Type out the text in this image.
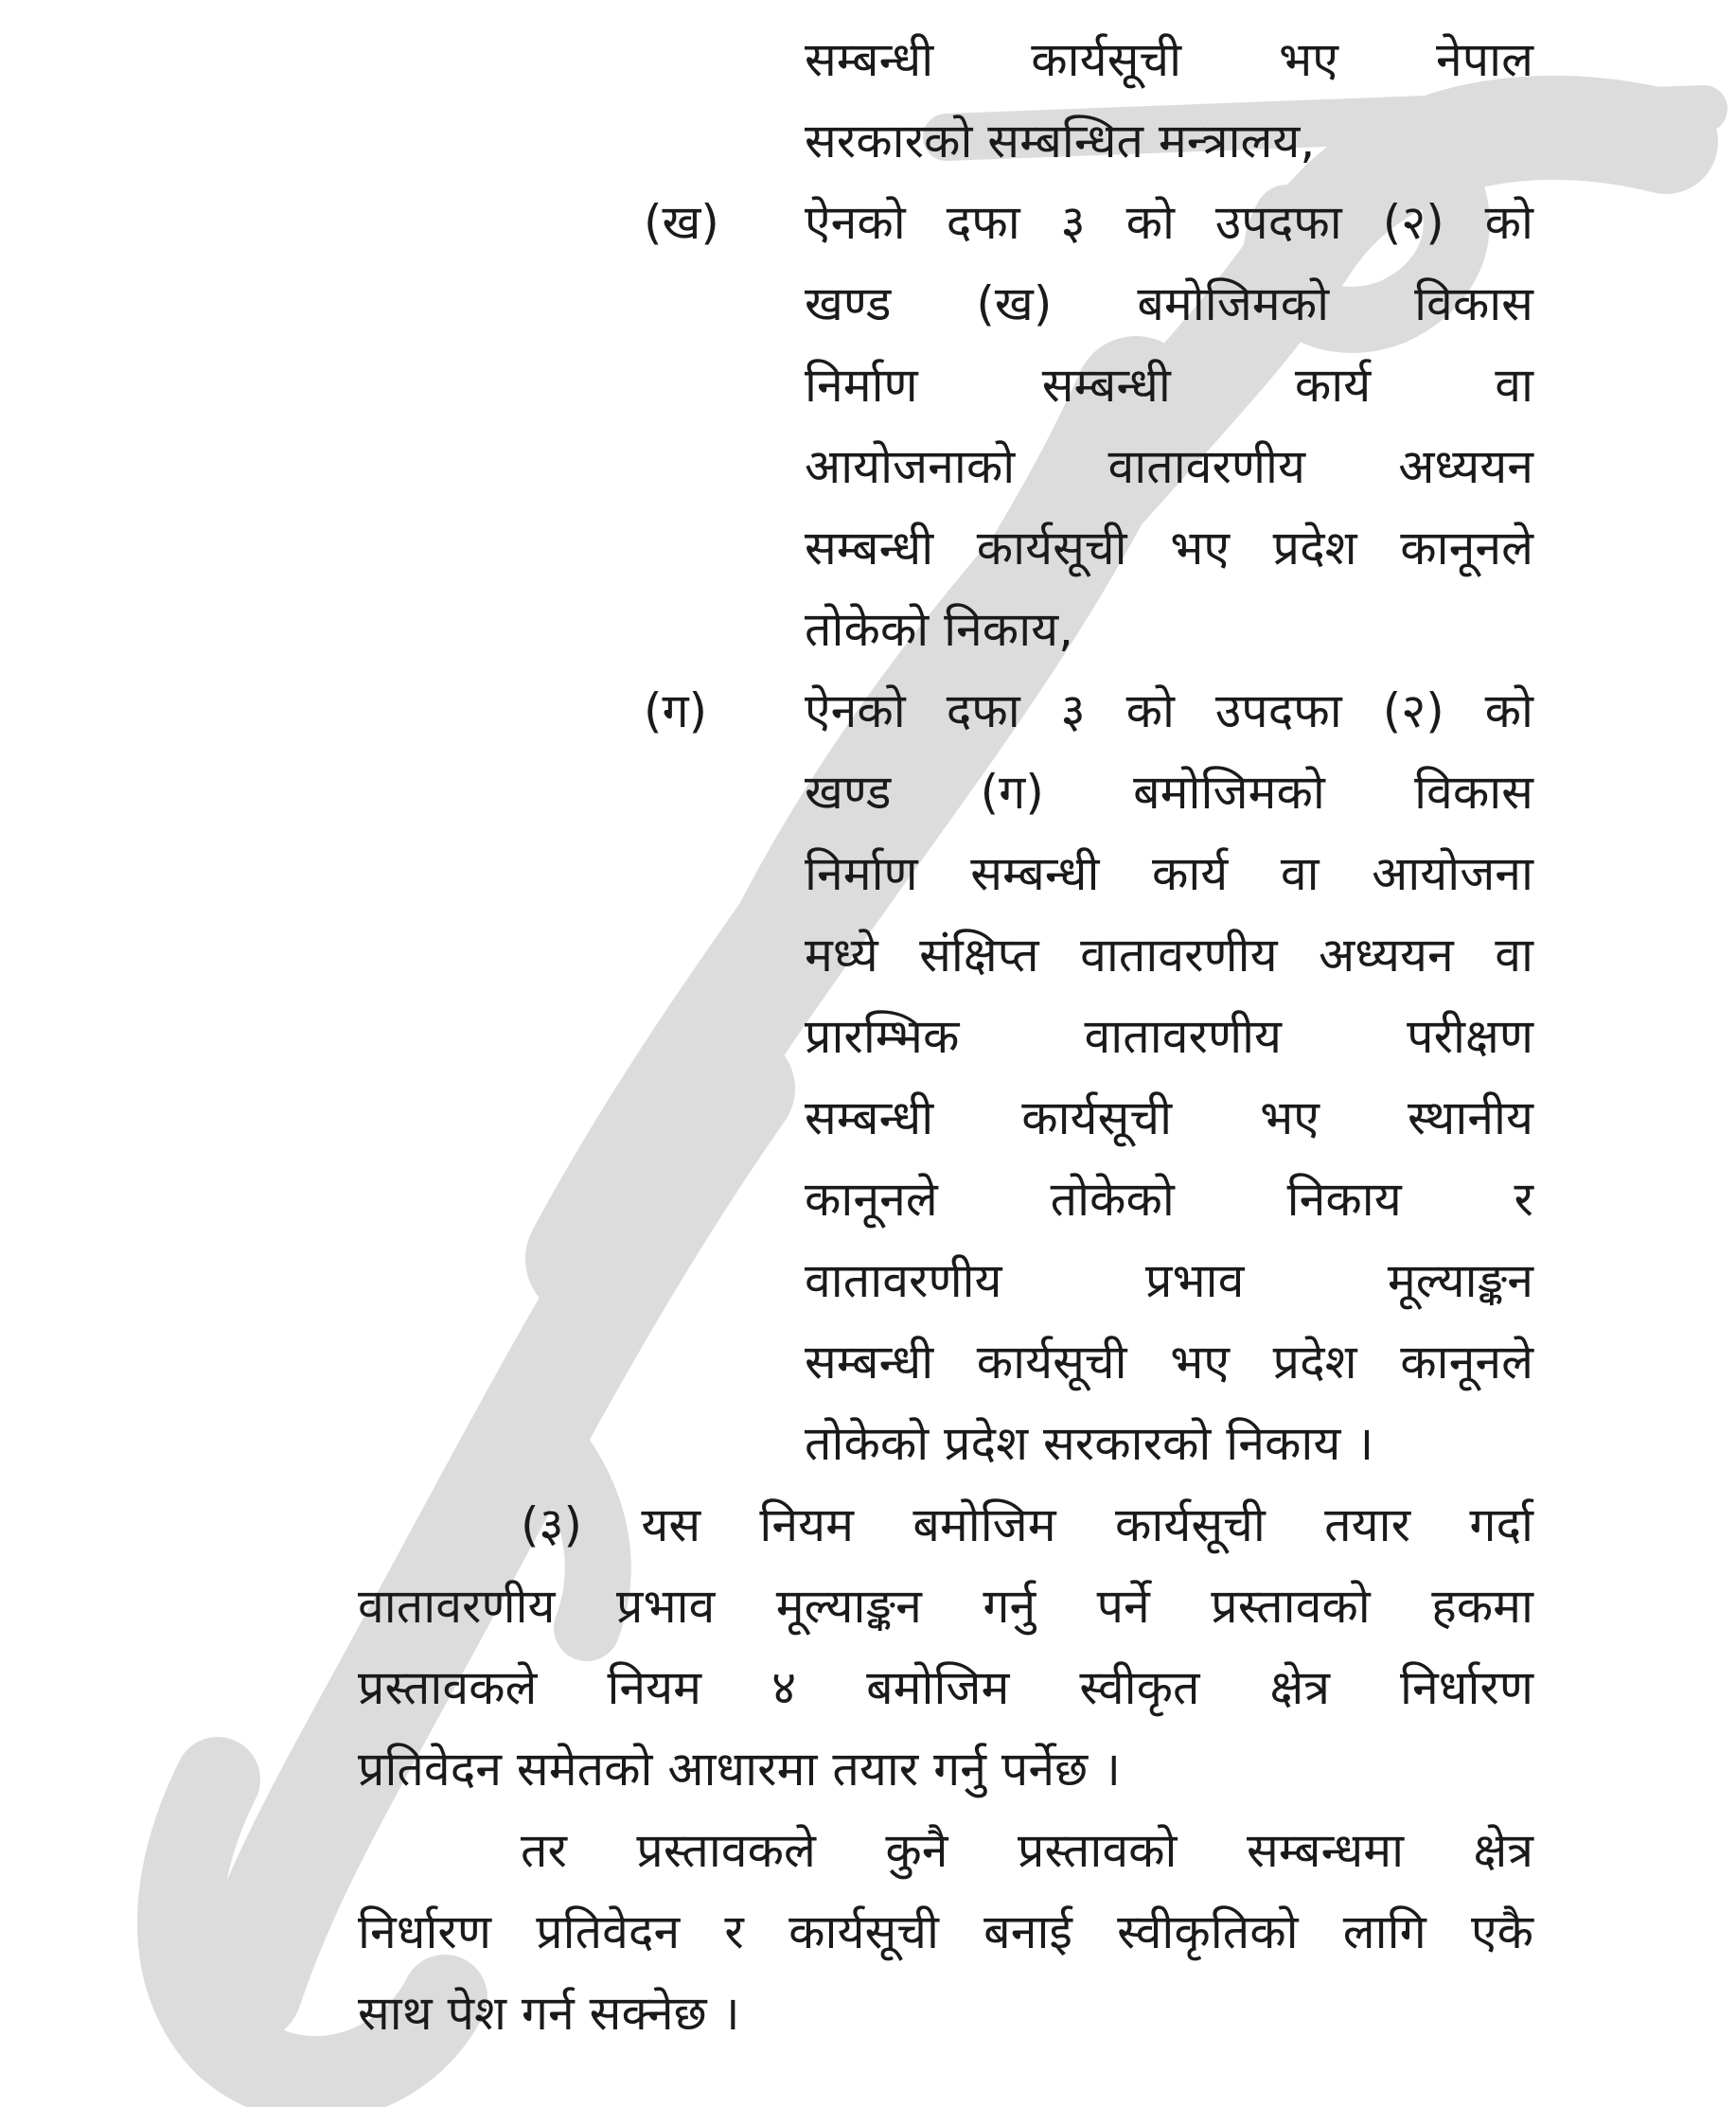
सम्बन्धी कार्यसूची भए नेपाल
सरकारको सम्बन्धित मन्त्रालय,
(ख) ऐनको दफा ३ को उपदफा (२) को
खण्ड (ख) बमोजिमको विकास
निर्माण सम्बन्धी कार्य वा
आयोजनाको वातावरणीय अध्ययन
सम्बन्धी कार्यसूची भए प्रदेश कानूनले
तोकेको निकाय,
(ग) ऐनको दफा ३ को उपदफा (२) को
खण्ड (ग) बमोजिमको विकास
निर्माण सम्बन्धी कार्य वा आयोजना
मध्ये संक्षिप्त वातावरणीय अध्ययन वा
प्रारम्भिक वातावरणीय परीक्षण
सम्बन्धी कार्यसूची भए स्थानीय
कानूनले तोकेको निकाय र
वातावरणीय प्रभाव मूल्याङ्कन
सम्बन्धी कार्यसूची भए प्रदेश कानूनले
तोकेको प्रदेश सरकारको निकाय ।
(३) यस नियम बमोजिम कार्यसूची तयार गर्दा
वातावरणीय प्रभाव मूल्याङ्कन गर्नु पर्ने प्रस्तावको हकमा
प्रस्तावकले नियम ४ बमोजिम स्वीकृत क्षेत्र निर्धारण
प्रतिवेदन समेतको आधारमा तयार गर्नु पर्नेछ ।
तर प्रस्तावकले कुनै प्रस्तावको सम्बन्धमा क्षेत्र
निर्धारण प्रतिवेदन र कार्यसूची बनाई स्वीकृतिको लागि एकै
साथ पेश गर्न सक्नेछ ।
